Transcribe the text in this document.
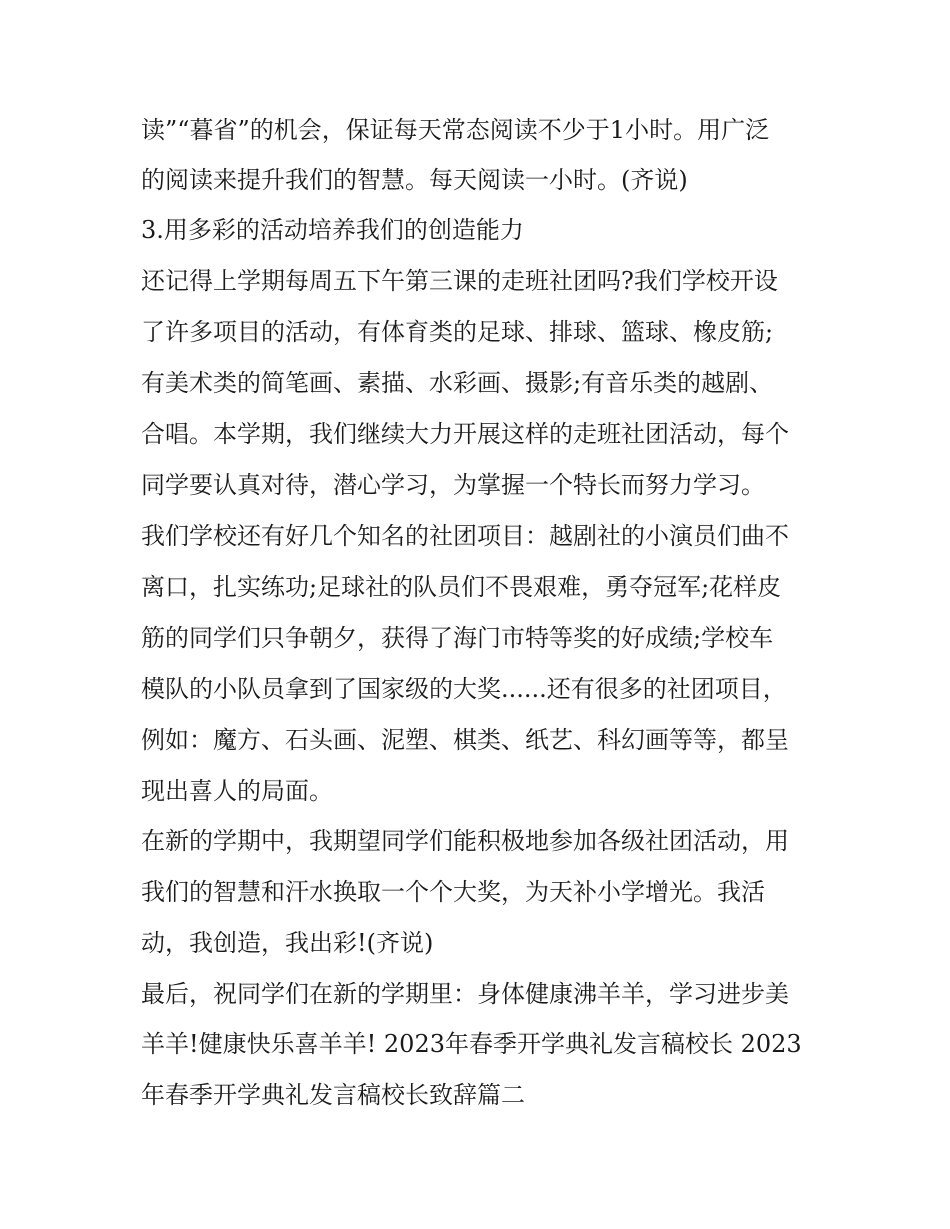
读”“暮省”的机会，保证每天常态阅读不少于1小时。用广泛

的阅读来提升我们的智慧。每天阅读一小时。(齐说)

3.用多彩的活动培养我们的创造能力

还记得上学期每周五下午第三课的走班社团吗?我们学校开设

了许多项目的活动，有体育类的足球、排球、篮球、橡皮筋;

有美术类的简笔画、素描、水彩画、摄影;有音乐类的越剧、

合唱。本学期，我们继续大力开展这样的走班社团活动，每个

同学要认真对待，潜心学习，为掌握一个特长而努力学习。

我们学校还有好几个知名的社团项目：越剧社的小演员们曲不

离口，扎实练功;足球社的队员们不畏艰难，勇夺冠军;花样皮

筋的同学们只争朝夕，获得了海门市特等奖的好成绩;学校车

模队的小队员拿到了国家级的大奖......还有很多的社团项目，

例如：魔方、石头画、泥塑、棋类、纸艺、科幻画等等，都呈

现出喜人的局面。

在新的学期中，我期望同学们能积极地参加各级社团活动，用

我们的智慧和汗水换取一个个大奖，为天补小学增光。我活

动，我创造，我出彩!(齐说)

最后，祝同学们在新的学期里：身体健康沸羊羊，学习进步美

羊羊!健康快乐喜羊羊! 2023年春季开学典礼发言稿校长 2023

年春季开学典礼发言稿校长致辞篇二
